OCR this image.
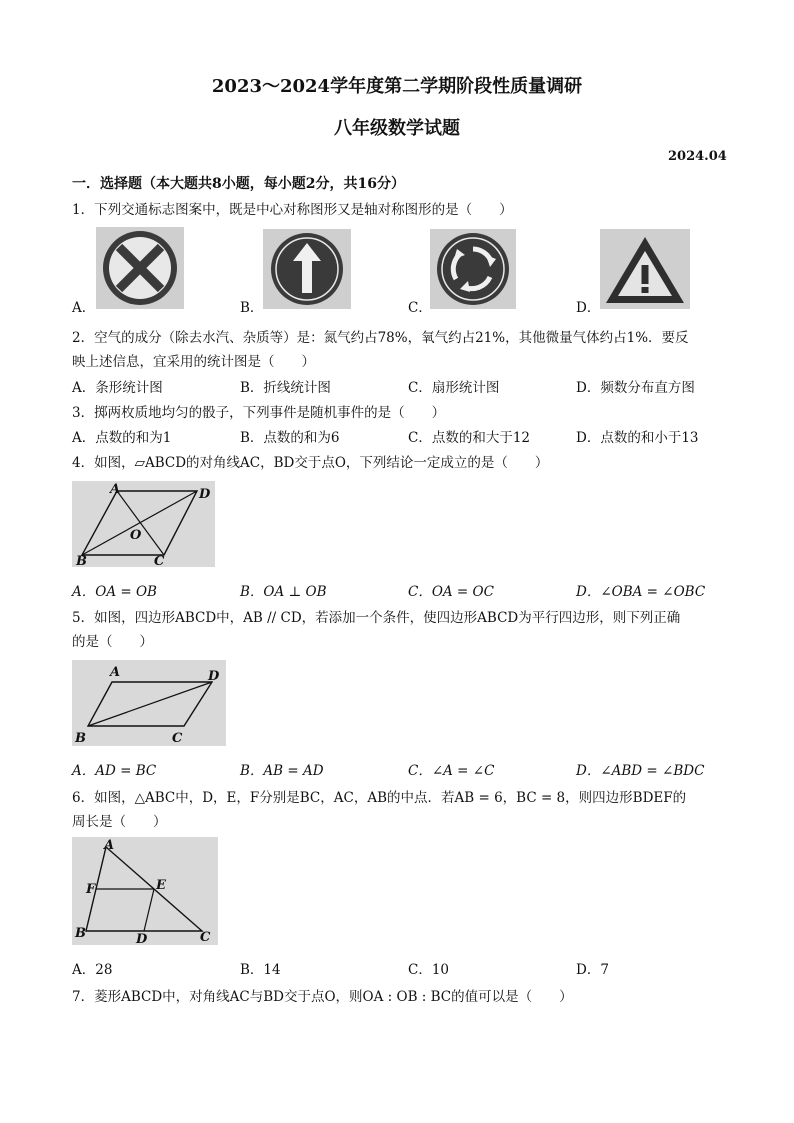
2023～2024学年度第二学期阶段性质量调研
八年级数学试题
2024.04
一．选择题（本大题共8小题，每小题2分，共16分）
1．下列交通标志图案中，既是中心对称图形又是轴对称图形的是（　　）
A．	B．	C．	D．
2．空气的成分（除去水汽、杂质等）是：氮气约占78%，氧气约占21%，其他微量气体约占1%．要反
映上述信息，宜采用的统计图是（　　）
A．条形统计图	B．折线统计图	C．扇形统计图	D．频数分布直方图
3．掷两枚质地均匀的骰子，下列事件是随机事件的是（　　）
A．点数的和为1	B．点数的和为6	C．点数的和大于12	D．点数的和小于13
4．如图，▱ABCD的对角线AC，BD交于点O，下列结论一定成立的是（　　）
A	D
B	C
O
A．OA = OB	B．OA ⊥ OB	C．OA = OC	D．∠OBA = ∠OBC
5．如图，四边形ABCD中，AB // CD，若添加一个条件，使四边形ABCD为平行四边形，则下列正确
的是（　　）
A	D
B	C
A．AD = BC	B．AB = AD	C．∠A = ∠C	D．∠ABD = ∠BDC
6．如图，△ABC中，D，E，F分别是BC，AC，AB的中点．若AB = 6，BC = 8，则四边形BDEF的
周长是（　　）
A
F	E
B	D	C
A．28	B．14	C．10	D．7
7．菱形ABCD中，对角线AC与BD交于点O，则OA : OB : BC的值可以是（　　）
